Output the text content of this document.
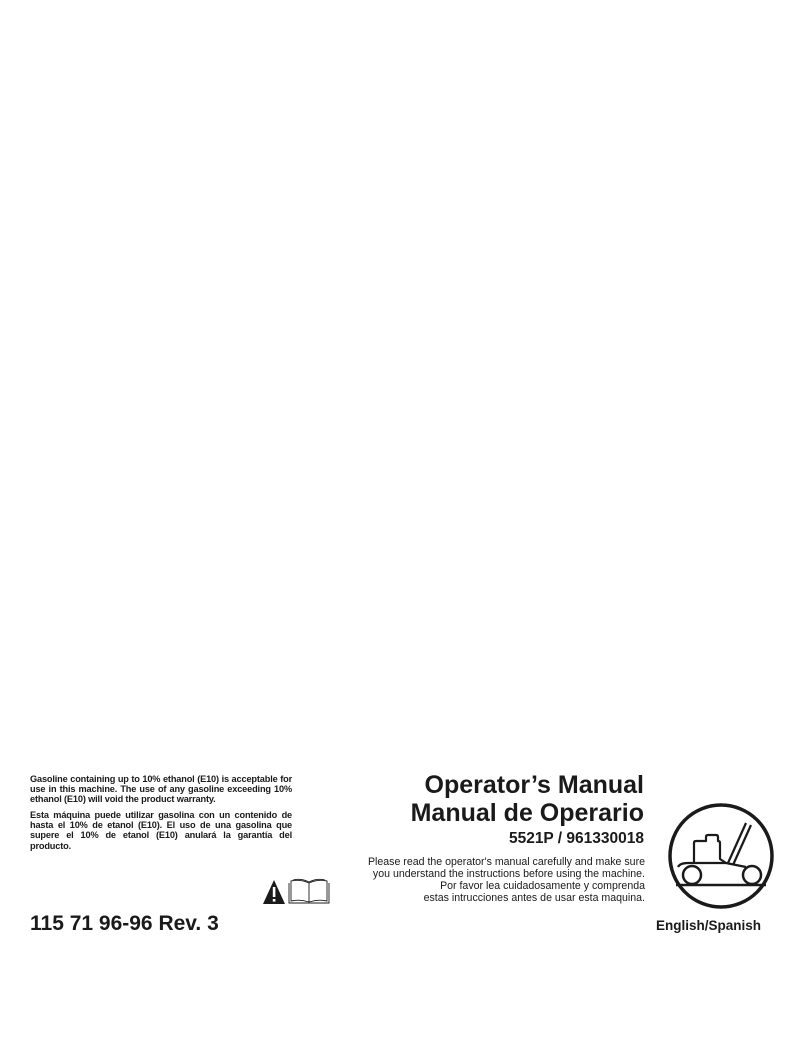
Gasoline containing up to 10% ethanol (E10) is acceptable for use in this machine. The use of any gasoline exceeding 10% ethanol (E10) will void the product warranty.

Esta máquina puede utilizar gasolina con un contenido de hasta el 10% de etanol (E10). El uso de una gasolina que supere el 10% de etanol (E10) anulará la garantía del producto.

Operator’s Manual
Manual de Operario
5521P / 961330018
Please read the operator's manual carefully and make sure
you understand the instructions before using the machine.
Por favor lea cuidadosamente y comprenda
estas intrucciones antes de usar esta maquina.
115 71 96-96 Rev. 3	English/Spanish
